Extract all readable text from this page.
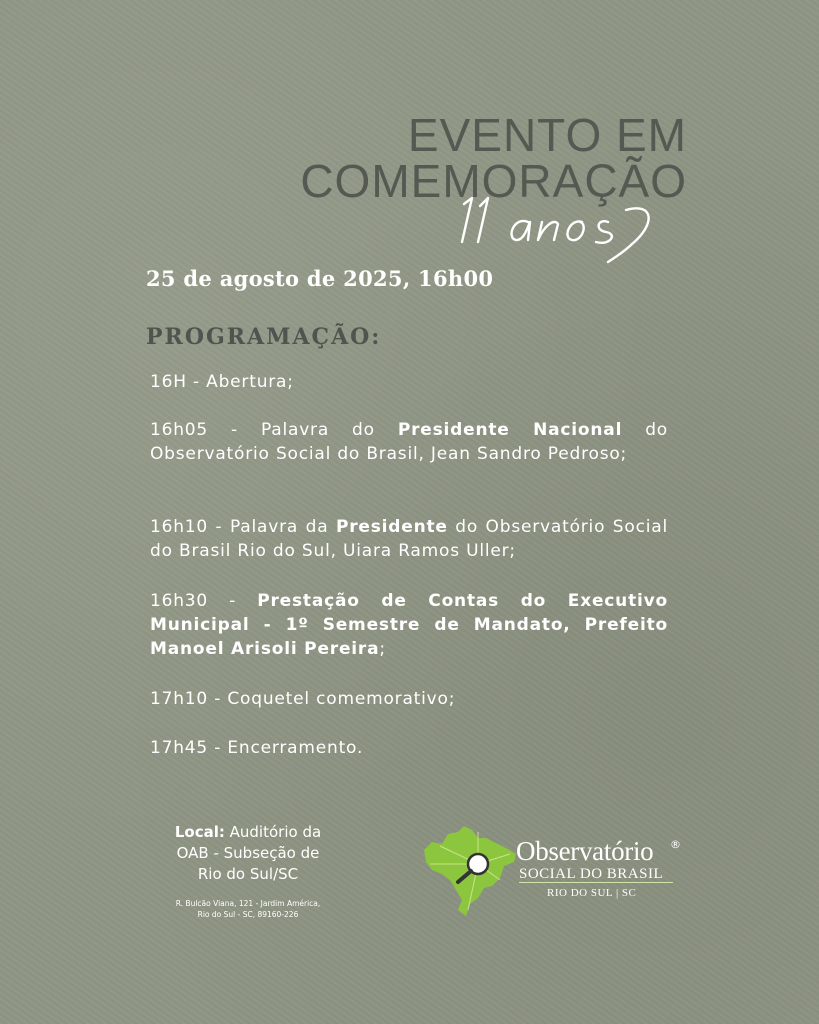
EVENTO EM
COMEMORAÇÃO
25 de agosto de 2025, 16h00
PROGRAMAÇÃO:
16H - Abertura;
16h05 - Palavra do Presidente Nacional do Observatório Social do Brasil, Jean Sandro Pedroso;
16h10 - Palavra da Presidente do Observatório Social do Brasil Rio do Sul, Uiara Ramos Uller;
16h30 - Prestação de Contas do Executivo Municipal - 1º Semestre de Mandato, Prefeito Manoel Arisoli Pereira;
17h10 - Coquetel comemorativo;
17h45 - Encerramento.
Local: Auditório da
OAB - Subseção de
Rio do Sul/SC
R. Bulcão Viana, 121 - Jardim América,
Rio do Sul - SC, 89160-226
Observatório ®
SOCIAL DO BRASIL
RIO DO SUL | SC
